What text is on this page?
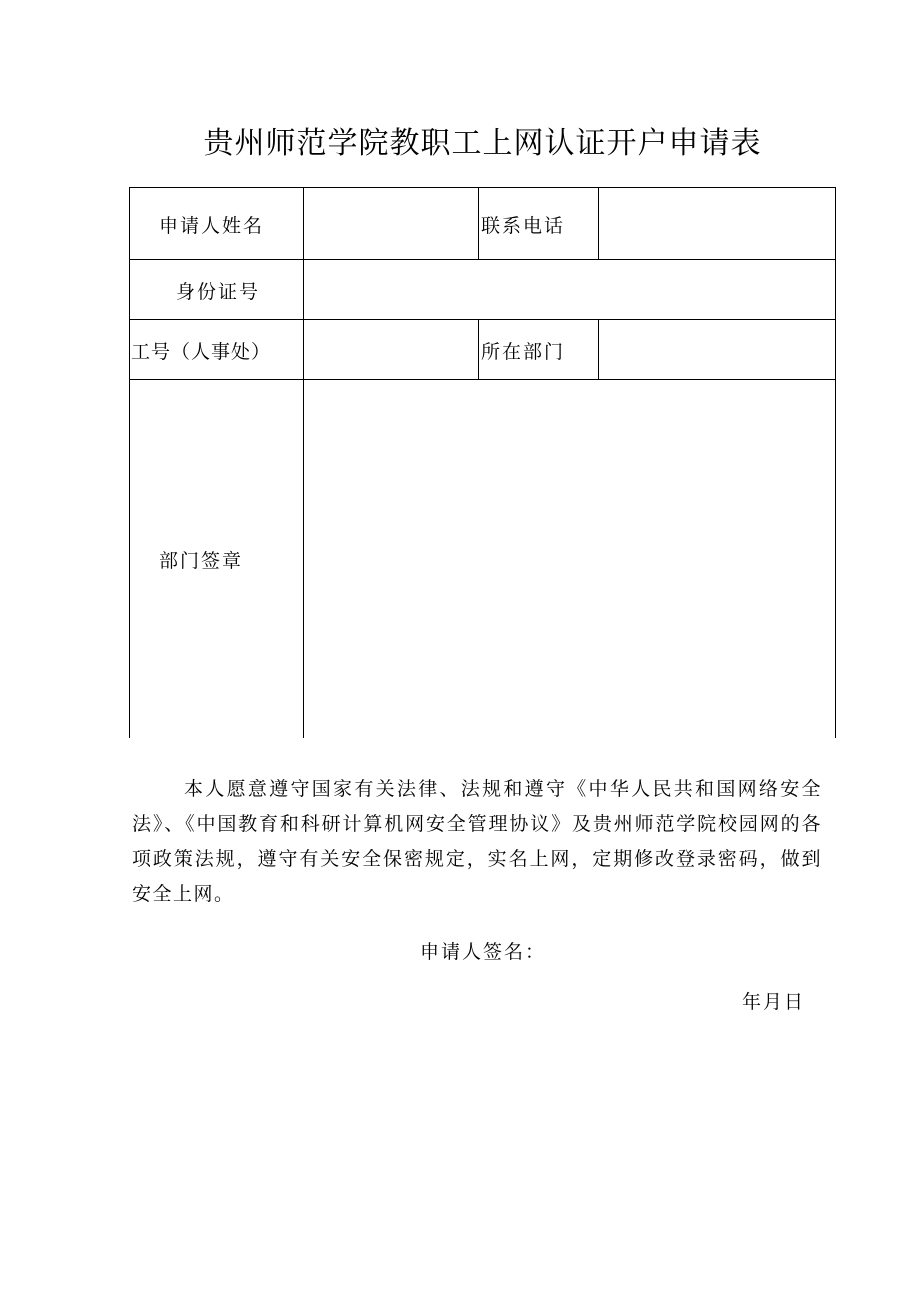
贵州师范学院教职工上网认证开户申请表
申请人姓名	联系电话
身份证号
工号（人事处）	所在部门
部门签章
本人愿意遵守国家有关法律、法规和遵守《中华人民共和国网络安全法》、《中国教育和科研计算机网安全管理协议》及贵州师范学院校园网的各项政策法规，遵守有关安全保密规定，实名上网，定期修改登录密码，做到安全上网。
申请人签名：
年月日
